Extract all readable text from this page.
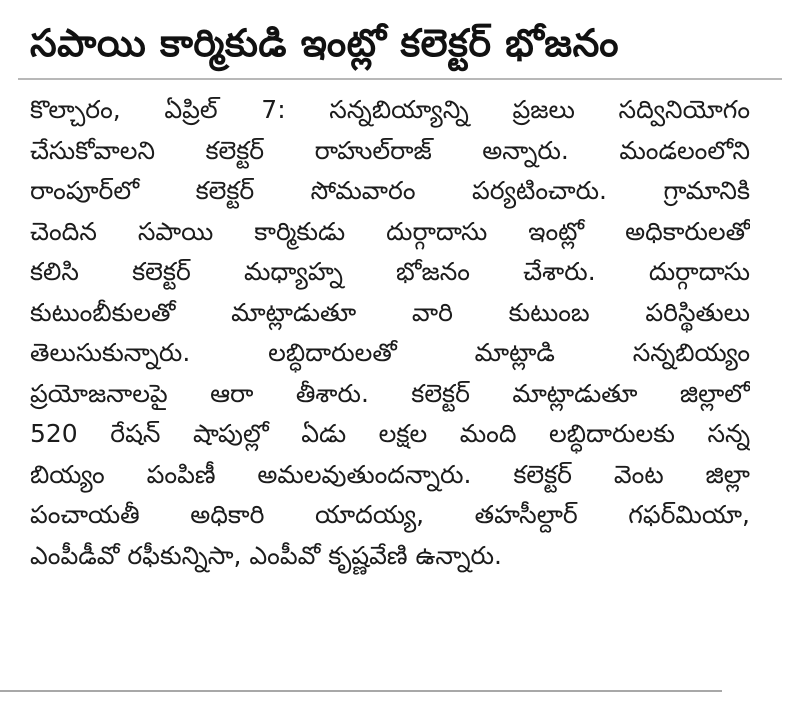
సపాయి కార్మికుడి ఇంట్లో కలెక్టర్‌ భోజనం
కొల్చారం, ఏప్రిల్‌ 7: సన్నబియ్యాన్ని ప్రజలు సద్వినియోగం
చేసుకోవాలని కలెక్టర్‌ రాహుల్‌రాజ్‌ అన్నారు. మండలంలోని
రాంపూర్‌లో కలెక్టర్‌ సోమవారం పర్యటించారు. గ్రామానికి
చెందిన సపాయి కార్మికుడు దుర్గాదాసు ఇంట్లో అధికారులతో
కలిసి కలెక్టర్‌ మధ్యాహ్న భోజనం చేశారు. దుర్గాదాసు
కుటుంబీకులతో మాట్లాడుతూ వారి కుటుంబ పరిస్థితులు
తెలుసుకున్నారు. లబ్ధిదారులతో మాట్లాడి సన్నబియ్యం
ప్రయోజనాలపై ఆరా తీశారు. కలెక్టర్‌ మాట్లాడుతూ జిల్లాలో
520 రేషన్‌ షాపుల్లో ఏడు లక్షల మంది లబ్ధిదారులకు సన్న
బియ్యం పంపిణీ అమలవుతుందన్నారు. కలెక్టర్‌ వెంట జిల్లా
పంచాయతీ అధికారి యాదయ్య, తహసీల్దార్‌ గఫర్‌మియా,
ఎంపీడీవో రఫీకున్నిసా, ఎంపీవో కృష్ణవేణి ఉన్నారు.
